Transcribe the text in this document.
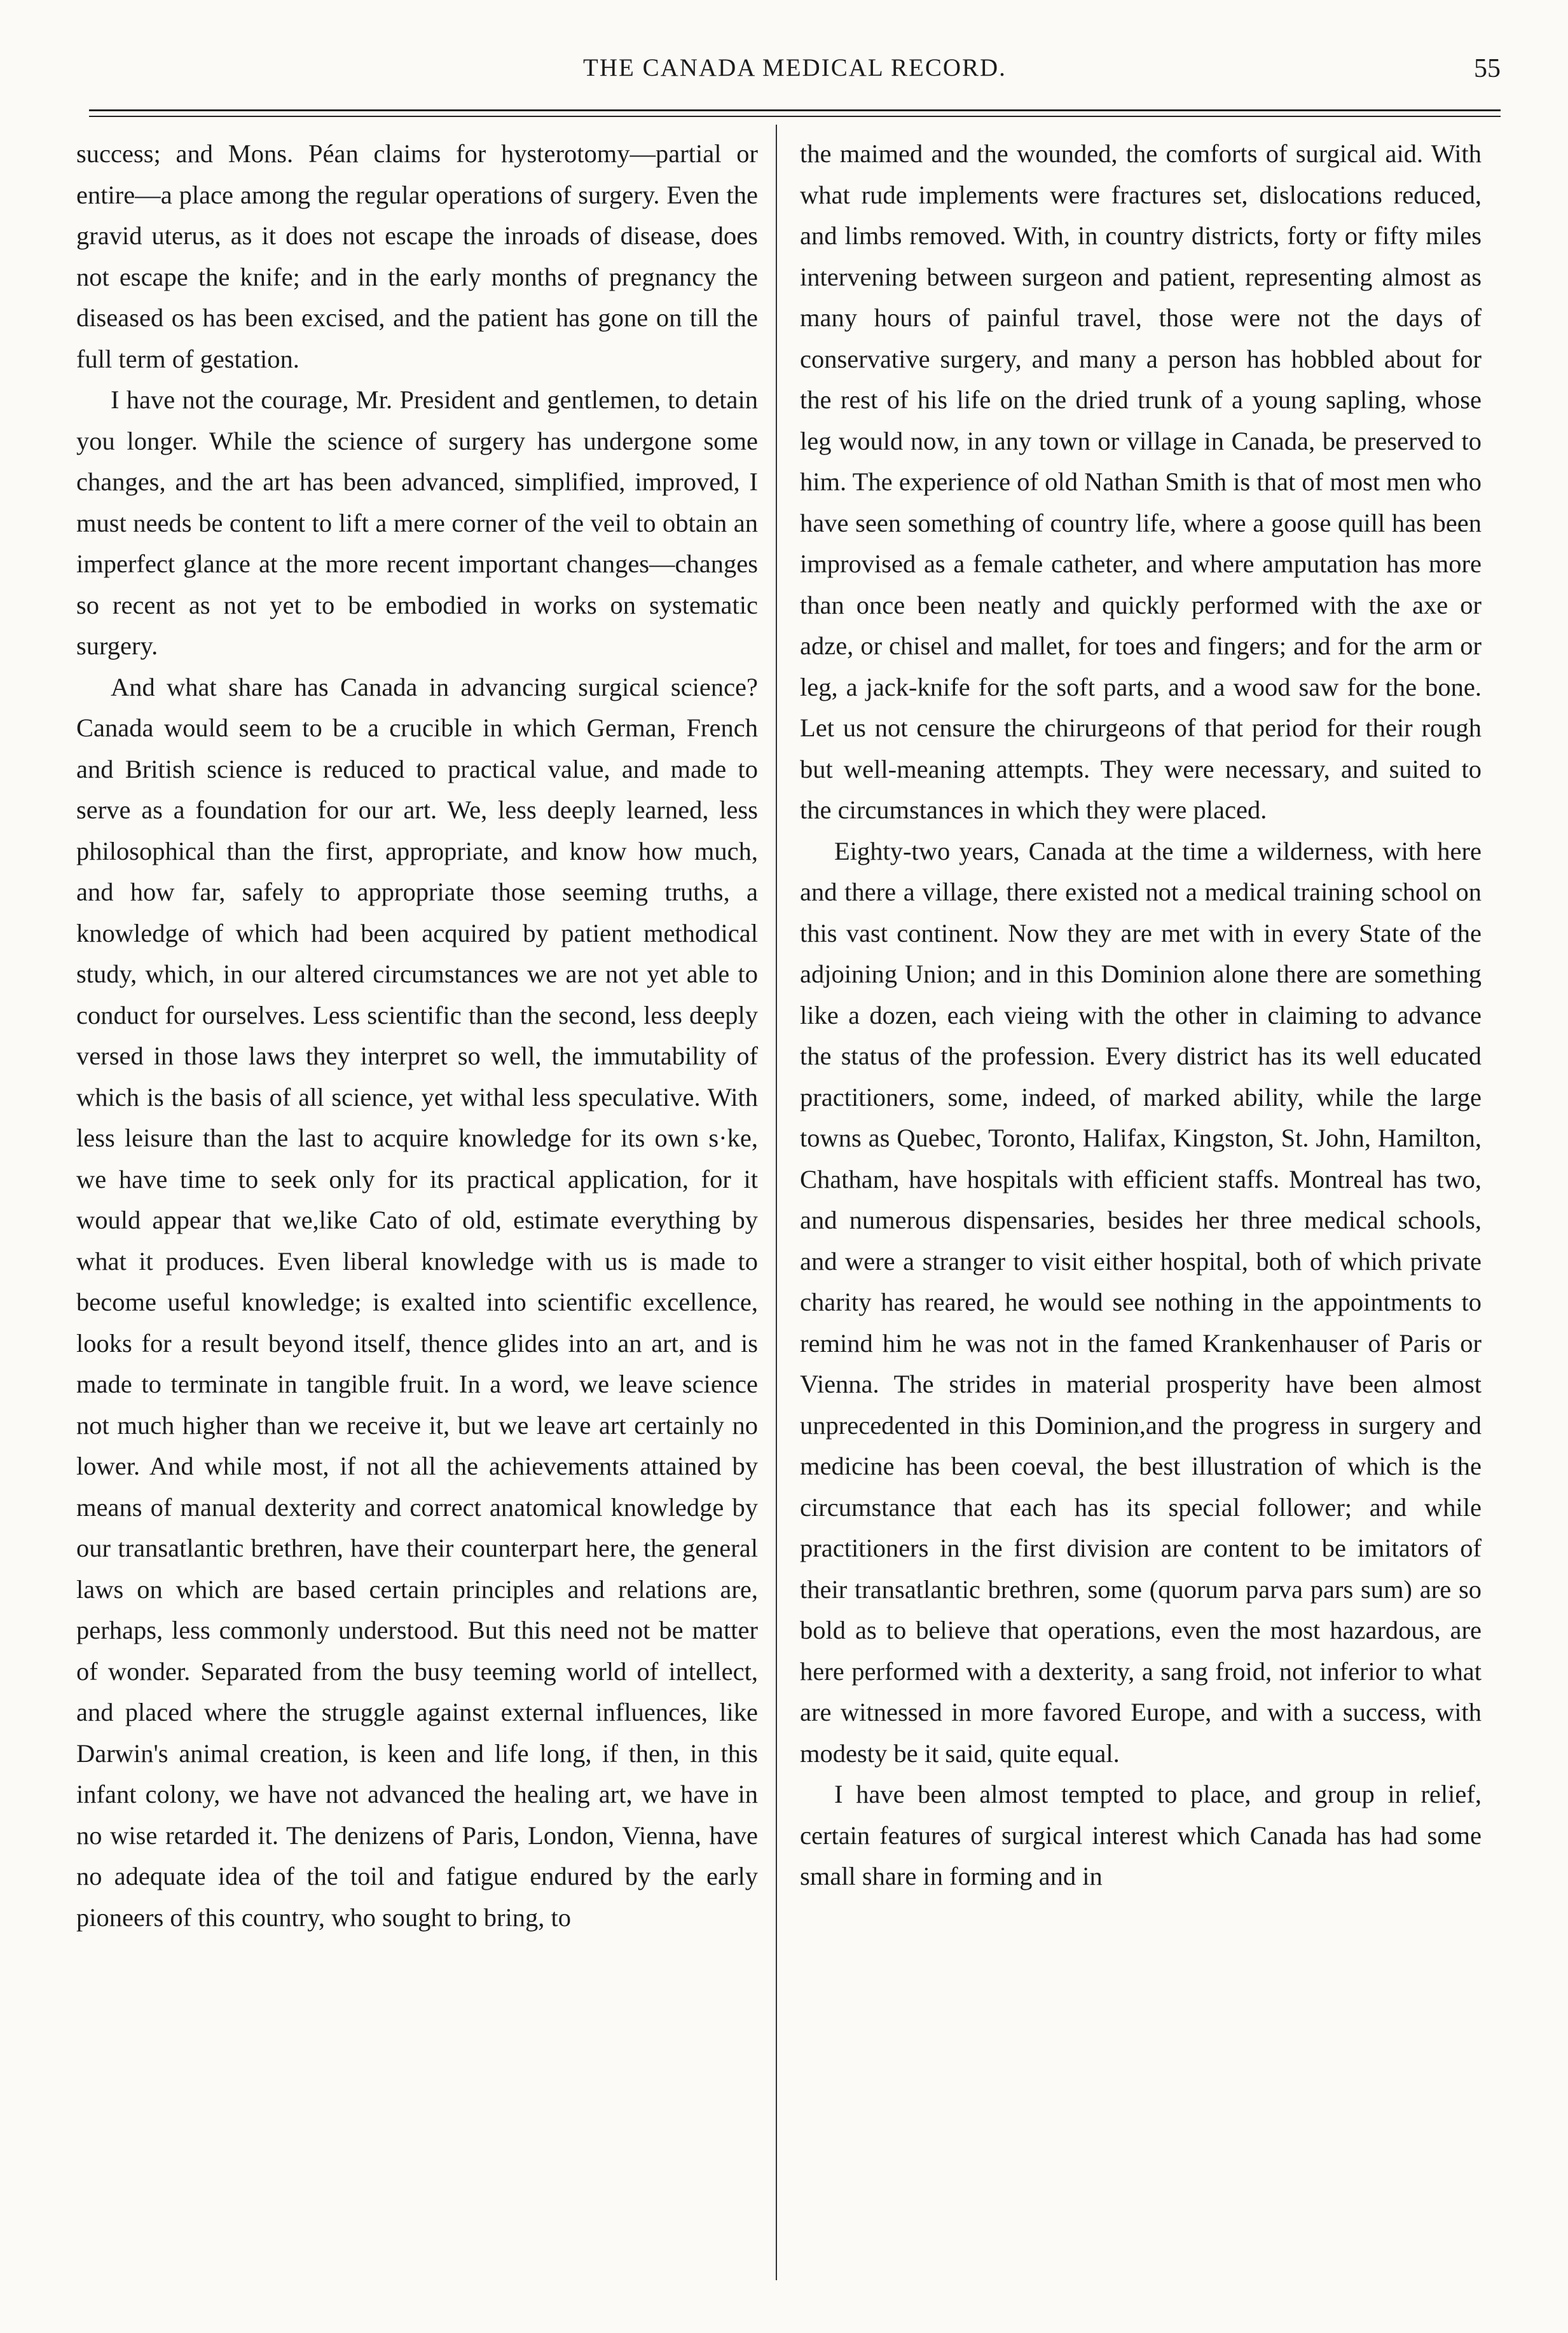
THE CANADA MEDICAL RECORD.	55

success; and Mons. Péan claims for hysterotomy—partial or entire—a place among the regular operations of surgery. Even the gravid uterus, as it does not escape the inroads of disease, does not escape the knife; and in the early months of pregnancy the diseased os has been excised, and the patient has gone on till the full term of gestation.

I have not the courage, Mr. President and gentlemen, to detain you longer. While the science of surgery has undergone some changes, and the art has been advanced, simplified, improved, I must needs be content to lift a mere corner of the veil to obtain an imperfect glance at the more recent important changes—changes so recent as not yet to be embodied in works on systematic surgery.

And what share has Canada in advancing surgical science? Canada would seem to be a crucible in which German, French and British science is reduced to practical value, and made to serve as a foundation for our art. We, less deeply learned, less philosophical than the first, appropriate, and know how much, and how far, safely to appropriate those seeming truths, a knowledge of which had been acquired by patient methodical study, which, in our altered circumstances we are not yet able to conduct for ourselves. Less scientific than the second, less deeply versed in those laws they interpret so well, the immutability of which is the basis of all science, yet withal less speculative. With less leisure than the last to acquire knowledge for its own s·ke, we have time to seek only for its practical application, for it would appear that we,like Cato of old, estimate everything by what it produces. Even liberal knowledge with us is made to become useful knowledge; is exalted into scientific excellence, looks for a result beyond itself, thence glides into an art, and is made to terminate in tangible fruit. In a word, we leave science not much higher than we receive it, but we leave art certainly no lower. And while most, if not all the achievements attained by means of manual dexterity and correct anatomical knowledge by our transatlantic brethren, have their counterpart here, the general laws on which are based certain principles and relations are, perhaps, less commonly understood. But this need not be matter of wonder. Separated from the busy teeming world of intellect, and placed where the struggle against external influences, like Darwin's animal creation, is keen and life long, if then, in this infant colony, we have not advanced the healing art, we have in no wise retarded it. The denizens of Paris, London, Vienna, have no adequate idea of the toil and fatigue endured by the early pioneers of this country, who sought to bring, to

the maimed and the wounded, the comforts of surgical aid. With what rude implements were fractures set, dislocations reduced, and limbs removed. With, in country districts, forty or fifty miles intervening between surgeon and patient, representing almost as many hours of painful travel, those were not the days of conservative surgery, and many a person has hobbled about for the rest of his life on the dried trunk of a young sapling, whose leg would now, in any town or village in Canada, be preserved to him. The experience of old Nathan Smith is that of most men who have seen something of country life, where a goose quill has been improvised as a female catheter, and where amputation has more than once been neatly and quickly performed with the axe or adze, or chisel and mallet, for toes and fingers; and for the arm or leg, a jack-knife for the soft parts, and a wood saw for the bone. Let us not censure the chirurgeons of that period for their rough but well-meaning attempts. They were necessary, and suited to the circumstances in which they were placed.

Eighty-two years, Canada at the time a wilderness, with here and there a village, there existed not a medical training school on this vast continent. Now they are met with in every State of the adjoining Union; and in this Dominion alone there are something like a dozen, each vieing with the other in claiming to advance the status of the profession. Every district has its well educated practitioners, some, indeed, of marked ability, while the large towns as Quebec, Toronto, Halifax, Kingston, St. John, Hamilton, Chatham, have hospitals with efficient staffs. Montreal has two, and numerous dispensaries, besides her three medical schools, and were a stranger to visit either hospital, both of which private charity has reared, he would see nothing in the appointments to remind him he was not in the famed Krankenhauser of Paris or Vienna. The strides in material prosperity have been almost unprecedented in this Dominion,and the progress in surgery and medicine has been coeval, the best illustration of which is the circumstance that each has its special follower; and while practitioners in the first division are content to be imitators of their transatlantic brethren, some (quorum parva pars sum) are so bold as to believe that operations, even the most hazardous, are here performed with a dexterity, a sang froid, not inferior to what are witnessed in more favored Europe, and with a success, with modesty be it said, quite equal.

I have been almost tempted to place, and group in relief, certain features of surgical interest which Canada has had some small share in forming and in
